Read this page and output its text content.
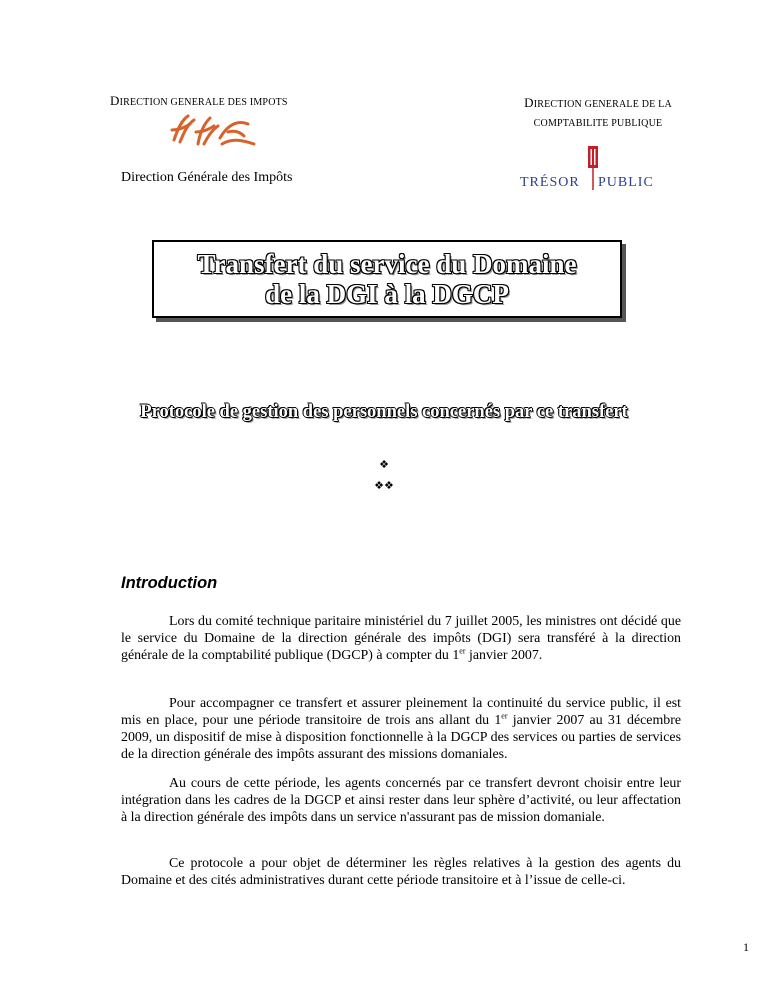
DIRECTION GENERALE DES IMPOTS
Direction Générale des Impôts
DIRECTION GENERALE DE LA
COMPTABILITE PUBLIQUE
TRÉSOR PUBLIC
Transfert du service du Domaine
de la DGI à la DGCP
Protocole de gestion des personnels concernés par ce transfert
❖
❖❖
Introduction

Lors du comité technique paritaire ministériel du 7 juillet 2005, les ministres ont décidé que le service du Domaine de la direction générale des impôts (DGI) sera transféré à la direction générale de la comptabilité publique (DGCP) à compter du 1er janvier 2007.

Pour accompagner ce transfert et assurer pleinement la continuité du service public, il est mis en place, pour une période transitoire de trois ans allant du 1er janvier 2007 au 31 décembre 2009, un dispositif de mise à disposition fonctionnelle à la DGCP des services ou parties de services de la direction générale des impôts assurant des missions domaniales.

Au cours de cette période, les agents concernés par ce transfert devront choisir entre leur intégration dans les cadres de la DGCP et ainsi rester dans leur sphère d’activité, ou leur affectation à la direction générale des impôts dans un service n'assurant pas de mission domaniale.

Ce protocole a pour objet de déterminer les règles relatives à la gestion des agents du Domaine et des cités administratives durant cette période transitoire et à l’issue de celle-ci.

1
